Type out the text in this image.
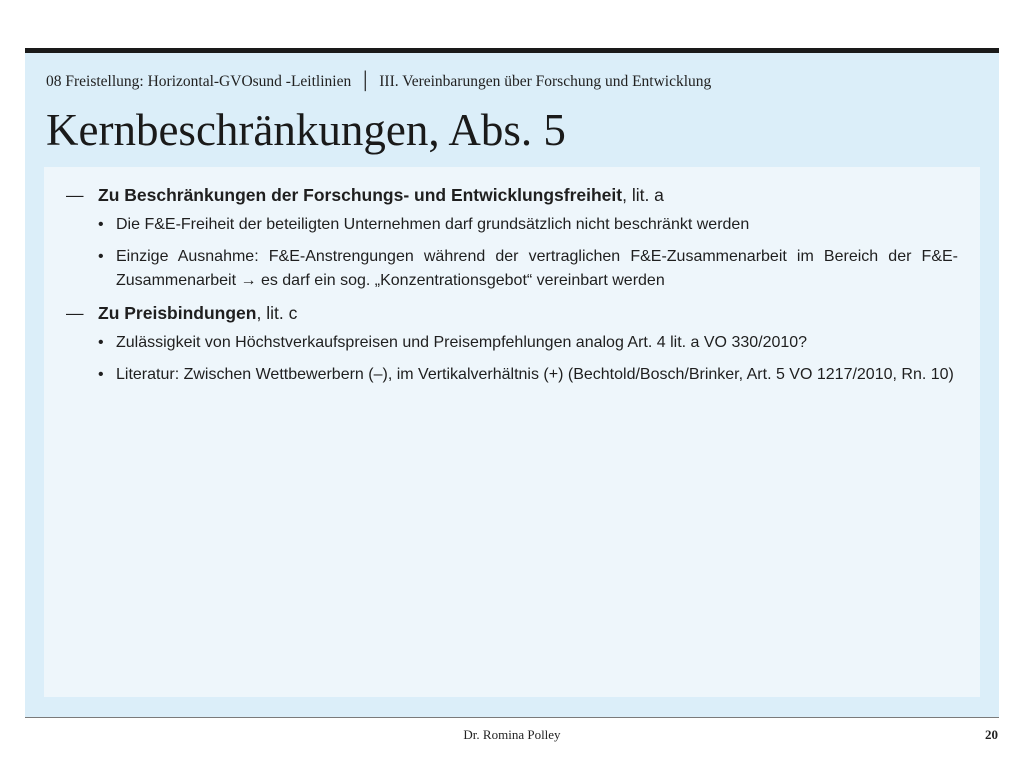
08 Freistellung: Horizontal-GVOsund -Leitlinien │ III. Vereinbarungen über Forschung und Entwicklung
Kernbeschränkungen, Abs. 5
— Zu Beschränkungen der Forschungs- und Entwicklungsfreiheit, lit. a
• Die F&E-Freiheit der beteiligten Unternehmen darf grundsätzlich nicht beschränkt werden
• Einzige Ausnahme: F&E-Anstrengungen während der vertraglichen F&E-Zusammenarbeit im Bereich der F&E-Zusammenarbeit → es darf ein sog. „Konzentrationsgebot“ vereinbart werden
— Zu Preisbindungen, lit. c
• Zulässigkeit von Höchstverkaufspreisen und Preisempfehlungen analog Art. 4 lit. a VO 330/2010?
• Literatur: Zwischen Wettbewerbern (–), im Vertikalverhältnis (+) (Bechtold/Bosch/Brinker, Art. 5 VO 1217/2010, Rn. 10)
Dr. Romina Polley	20
